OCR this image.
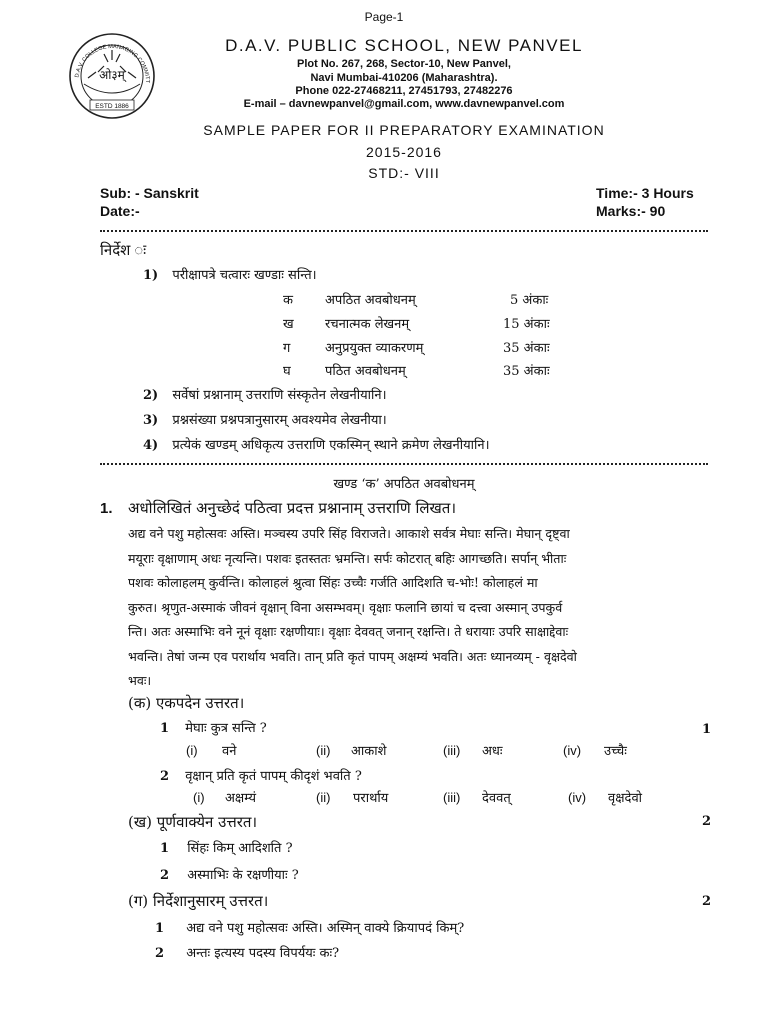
Page-1
ओ३म्
ESTD 1886
D.A.V. COLLEGE MANAGING COMMITT
D.A.V. PUBLIC SCHOOL, NEW PANVEL
Plot No. 267, 268, Sector-10, New Panvel,
Navi Mumbai-410206 (Maharashtra).
Phone 022-27468211, 27451793, 27482276
E-mail – davnewpanvel@gmail.com, www.davnewpanvel.com
SAMPLE PAPER FOR II PREPARATORY EXAMINATION
2015-2016
STD:- VIII
Sub: - Sanskrit	Time:- 3 Hours
Date:-	Marks:- 90
निर्देश ः
1) परीक्षापत्रे चत्वारः खण्डाः सन्ति।
क अपठित अवबोधनम्	5 अंकाः
ख रचनात्मक लेखनम्	15 अंकाः
ग	अनुप्रयुक्त व्याकरणम्	35 अंकाः
घ	पठित अवबोधनम्	35 अंकाः
2) सर्वेषां प्रश्नानाम् उत्तराणि संस्कृतेन लेखनीयानि।
3) प्रश्नसंख्या प्रश्नपत्रानुसारम् अवश्यमेव लेखनीया।
4) प्रत्येकं खण्डम् अधिकृत्य उत्तराणि एकस्मिन् स्थाने क्रमेण लेखनीयानि।
खण्ड ‘क’ अपठित अवबोधनम्
1. अधोलिखितं अनुच्छेदं पठित्वा प्रदत्त प्रश्नानाम् उत्तराणि लिखत।
अद्य वने पशु महोत्सवः अस्ति। मञ्चस्य उपरि सिंह विराजते। आकाशे सर्वत्र मेघाः सन्ति। मेघान् दृष्ट्वा
मयूराः वृक्षाणाम् अधः नृत्यन्ति। पशवः इतस्ततः भ्रमन्ति। सर्पः कोटरात् बहिः आगच्छति। सर्पान् भीताः
पशवः कोलाहलम् कुर्वन्ति। कोलाहलं श्रुत्वा सिंहः उच्चैः गर्जति आदिशति च-भोः! कोलाहलं मा
कुरुत। श्रृणुत-अस्माकं जीवनं वृक्षान् विना असम्भवम्। वृक्षाः फलानि छायां च दत्त्वा अस्मान् उपकुर्व
न्ति। अतः अस्माभिः वने नूनं वृक्षाः रक्षणीयाः। वृक्षाः देववत् जनान् रक्षन्ति। ते धरायाः उपरि साक्षाद्देवाः
भवन्ति। तेषां जन्म एव परार्थाय भवति। तान् प्रति कृतं पापम् अक्षम्यं भवति। अतः ध्यानव्यम् - वृक्षदेवो
भवः।
(क) एकपदेन उत्तरत।
1
1 मेघाः कुत्र सन्ति ?
(i) वने	(ii) आकाशे	(iii) अधः	(iv) उच्चैः
2 वृक्षान् प्रति कृतं पापम् कीदृशं भवति ?
(i) अक्षम्यं	(ii) परार्थाय	(iii) देववत्	(iv) वृक्षदेवो
(ख) पूर्णवाक्येन उत्तरत।	2
1 सिंहः किम् आदिशति ?
2 अस्माभिः के रक्षणीयाः ?
(ग) निर्देशानुसारम् उत्तरत।	2
1 अद्य वने पशु महोत्सवः अस्ति। अस्मिन् वाक्ये क्रियापदं किम्?
2 अन्तः इत्यस्य पदस्य विपर्ययः कः?
